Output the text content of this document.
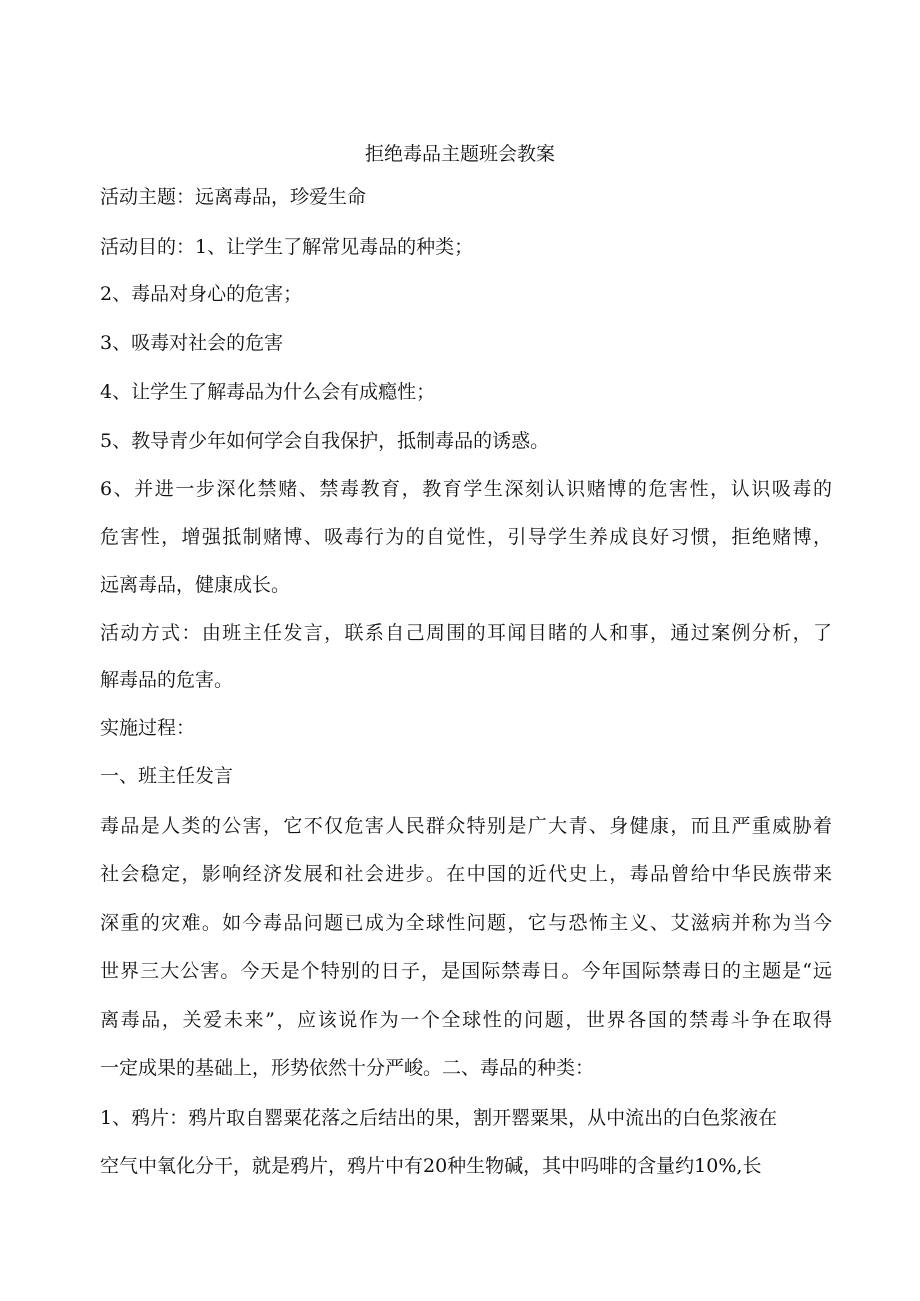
拒绝毒品主题班会教案
活动主题：远离毒品，珍爱生命
活动目的：1、让学生了解常见毒品的种类；
2、毒品对身心的危害；
3、吸毒对社会的危害
4、让学生了解毒品为什么会有成瘾性；
5、教导青少年如何学会自我保护，抵制毒品的诱惑。
6、并进一步深化禁赌、禁毒教育，教育学生深刻认识赌博的危害性，认识吸毒的
危害性，增强抵制赌博、吸毒行为的自觉性，引导学生养成良好习惯，拒绝赌博，
远离毒品，健康成长。
活动方式：由班主任发言，联系自己周围的耳闻目睹的人和事，通过案例分析，了
解毒品的危害。
实施过程：
一、班主任发言
毒品是人类的公害，它不仅危害人民群众特别是广大青、身健康，而且严重威胁着
社会稳定，影响经济发展和社会进步。在中国的近代史上，毒品曾给中华民族带来
深重的灾难。如今毒品问题已成为全球性问题，它与恐怖主义、艾滋病并称为当今
世界三大公害。今天是个特别的日子，是国际禁毒日。今年国际禁毒日的主题是“远
离毒品，关爱未来”，应该说作为一个全球性的问题，世界各国的禁毒斗争在取得
一定成果的基础上，形势依然十分严峻。二、毒品的种类：
1、鸦片：鸦片取自罂粟花落之后结出的果，割开罂粟果，从中流出的白色浆液在
空气中氧化分干，就是鸦片，鸦片中有20种生物碱，其中吗啡的含量约10%,长
